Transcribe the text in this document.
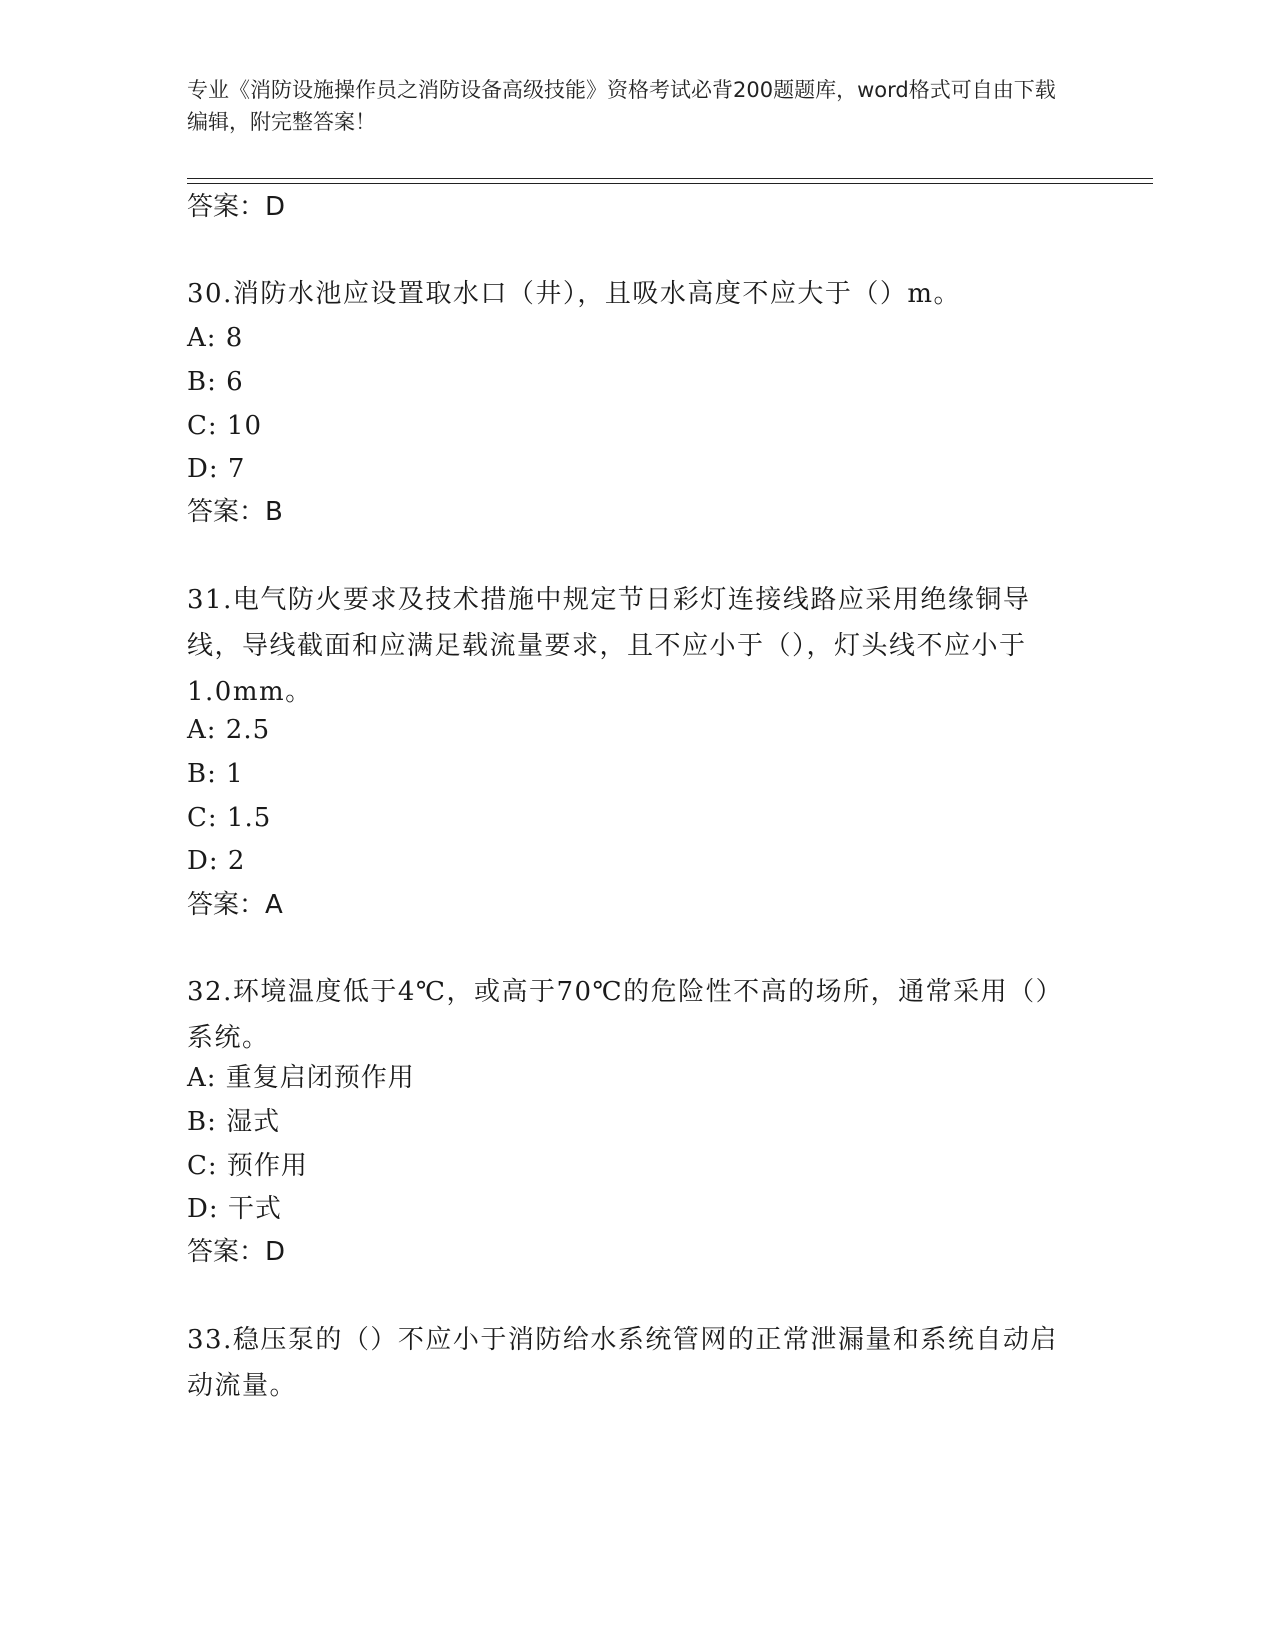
专业《消防设施操作员之消防设备高级技能》资格考试必背200题题库，word格式可自由下载编辑，附完整答案！
答案：D
30.消防水池应设置取水口（井），且吸水高度不应大于（）m。
A: 8
B: 6
C: 10
D: 7
答案：B
31.电气防火要求及技术措施中规定节日彩灯连接线路应采用绝缘铜导线，导线截面和应满足载流量要求，且不应小于（），灯头线不应小于1.0mm。
A: 2.5
B: 1
C: 1.5
D: 2
答案：A
32.环境温度低于4℃，或高于70℃的危险性不高的场所，通常采用（）系统。
A: 重复启闭预作用
B: 湿式
C: 预作用
D: 干式
答案：D
33.稳压泵的（）不应小于消防给水系统管网的正常泄漏量和系统自动启动流量。
